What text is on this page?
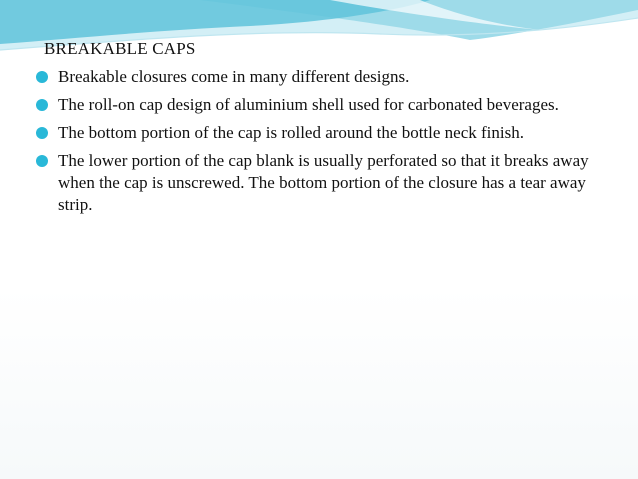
BREAKABLE CAPS
Breakable closures come in many different designs.
The roll-on cap design of aluminium shell used for carbonated beverages.
The bottom portion of the cap is rolled around the bottle neck finish.
The lower portion of the cap blank is usually perforated so that it breaks away when the cap is unscrewed. The bottom portion of the closure has a tear away strip.
